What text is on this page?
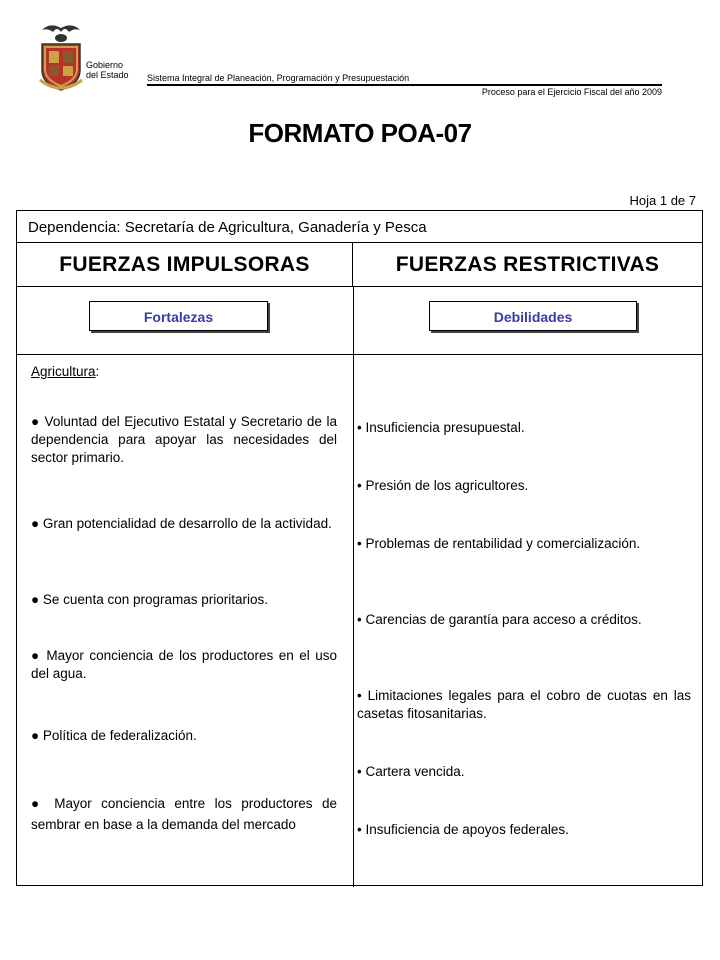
Gobierno
del Estado Sistema Integral de Planeación, Programación y Presupuestación
Proceso para el Ejercicio Fiscal del año 2009
FORMATO POA-07
Hoja 1 de 7
Dependencia: Secretaría de Agricultura, Ganadería y Pesca
FUERZAS IMPULSORAS	FUERZAS RESTRICTIVAS
Fortalezas	Debilidades
Agricultura:

● Voluntad del Ejecutivo Estatal y Secretario de la dependencia para apoyar las necesidades del sector primario.

● Gran potencialidad de desarrollo de la actividad.

● Se cuenta con programas prioritarios.

● Mayor conciencia de los productores en el uso del agua.

● Política de federalización.

● Mayor conciencia entre los productores de sembrar en base a la demanda del mercado

• Insuficiencia presupuestal.

• Presión de los agricultores.

• Problemas de rentabilidad y comercialización.

• Carencias de garantía para acceso a créditos.

• Limitaciones legales para el cobro de cuotas en las casetas fitosanitarias.

• Cartera vencida.

• Insuficiencia de apoyos federales.
